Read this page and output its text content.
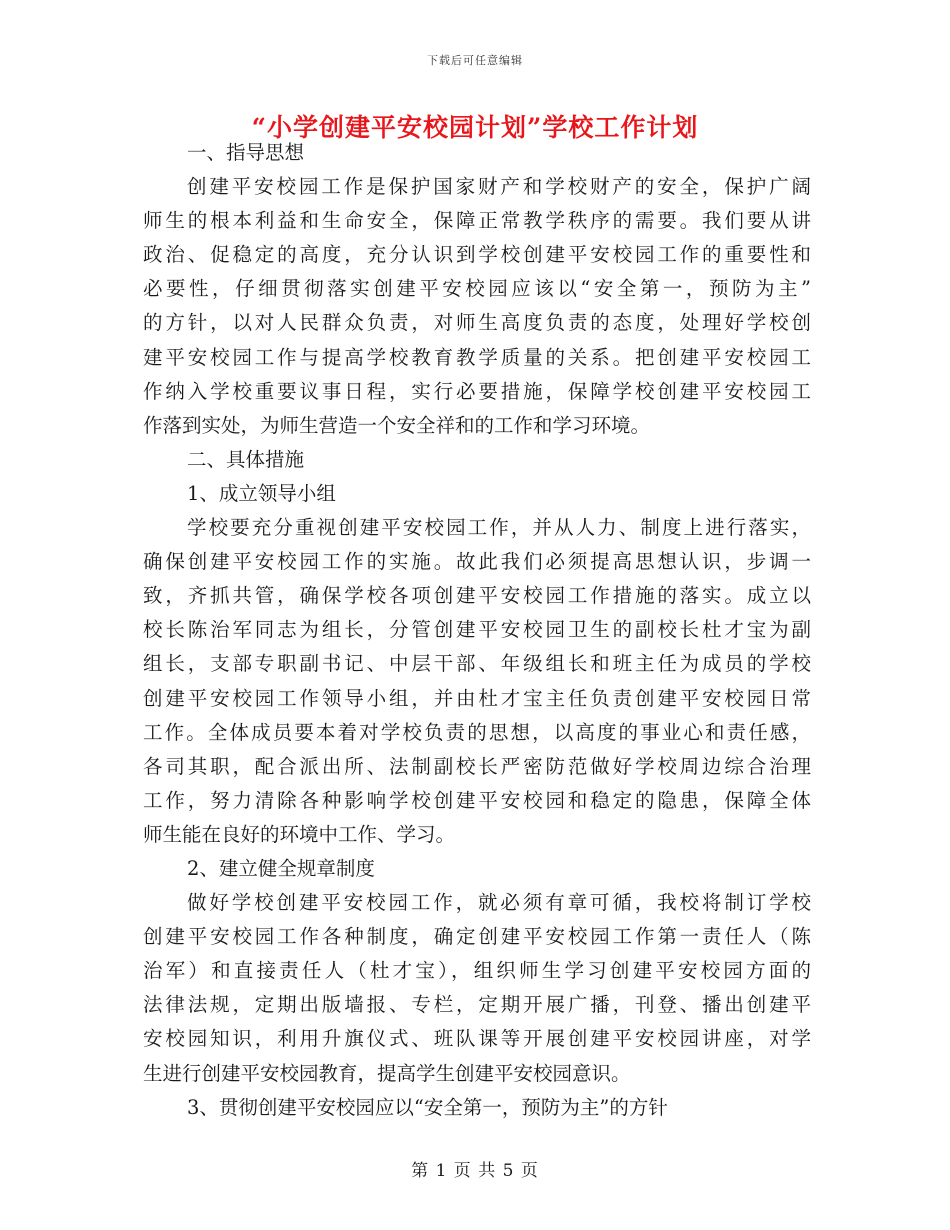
下载后可任意编辑
“小学创建平安校园计划”学校工作计划
一、指导思想
创建平安校园工作是保护国家财产和学校财产的安全，保护广阔
师生的根本利益和生命安全，保障正常教学秩序的需要。我们要从讲
政治、促稳定的高度，充分认识到学校创建平安校园工作的重要性和
必要性，仔细贯彻落实创建平安校园应该以“安全第一，预防为主”
的方针，以对人民群众负责，对师生高度负责的态度，处理好学校创
建平安校园工作与提高学校教育教学质量的关系。把创建平安校园工
作纳入学校重要议事日程，实行必要措施，保障学校创建平安校园工
作落到实处，为师生营造一个安全祥和的工作和学习环境。
二、具体措施
1、成立领导小组
学校要充分重视创建平安校园工作，并从人力、制度上进行落实，
确保创建平安校园工作的实施。故此我们必须提高思想认识，步调一
致，齐抓共管，确保学校各项创建平安校园工作措施的落实。成立以
校长陈治军同志为组长，分管创建平安校园卫生的副校长杜才宝为副
组长，支部专职副书记、中层干部、年级组长和班主任为成员的学校
创建平安校园工作领导小组，并由杜才宝主任负责创建平安校园日常
工作。全体成员要本着对学校负责的思想，以高度的事业心和责任感，
各司其职，配合派出所、法制副校长严密防范做好学校周边综合治理
工作，努力清除各种影响学校创建平安校园和稳定的隐患，保障全体
师生能在良好的环境中工作、学习。
2、建立健全规章制度
做好学校创建平安校园工作，就必须有章可循，我校将制订学校
创建平安校园工作各种制度，确定创建平安校园工作第一责任人（陈
治军）和直接责任人（杜才宝），组织师生学习创建平安校园方面的
法律法规，定期出版墙报、专栏，定期开展广播，刊登、播出创建平
安校园知识，利用升旗仪式、班队课等开展创建平安校园讲座，对学
生进行创建平安校园教育，提高学生创建平安校园意识。
3、贯彻创建平安校园应以“安全第一，预防为主”的方针
第 1 页 共 5 页
